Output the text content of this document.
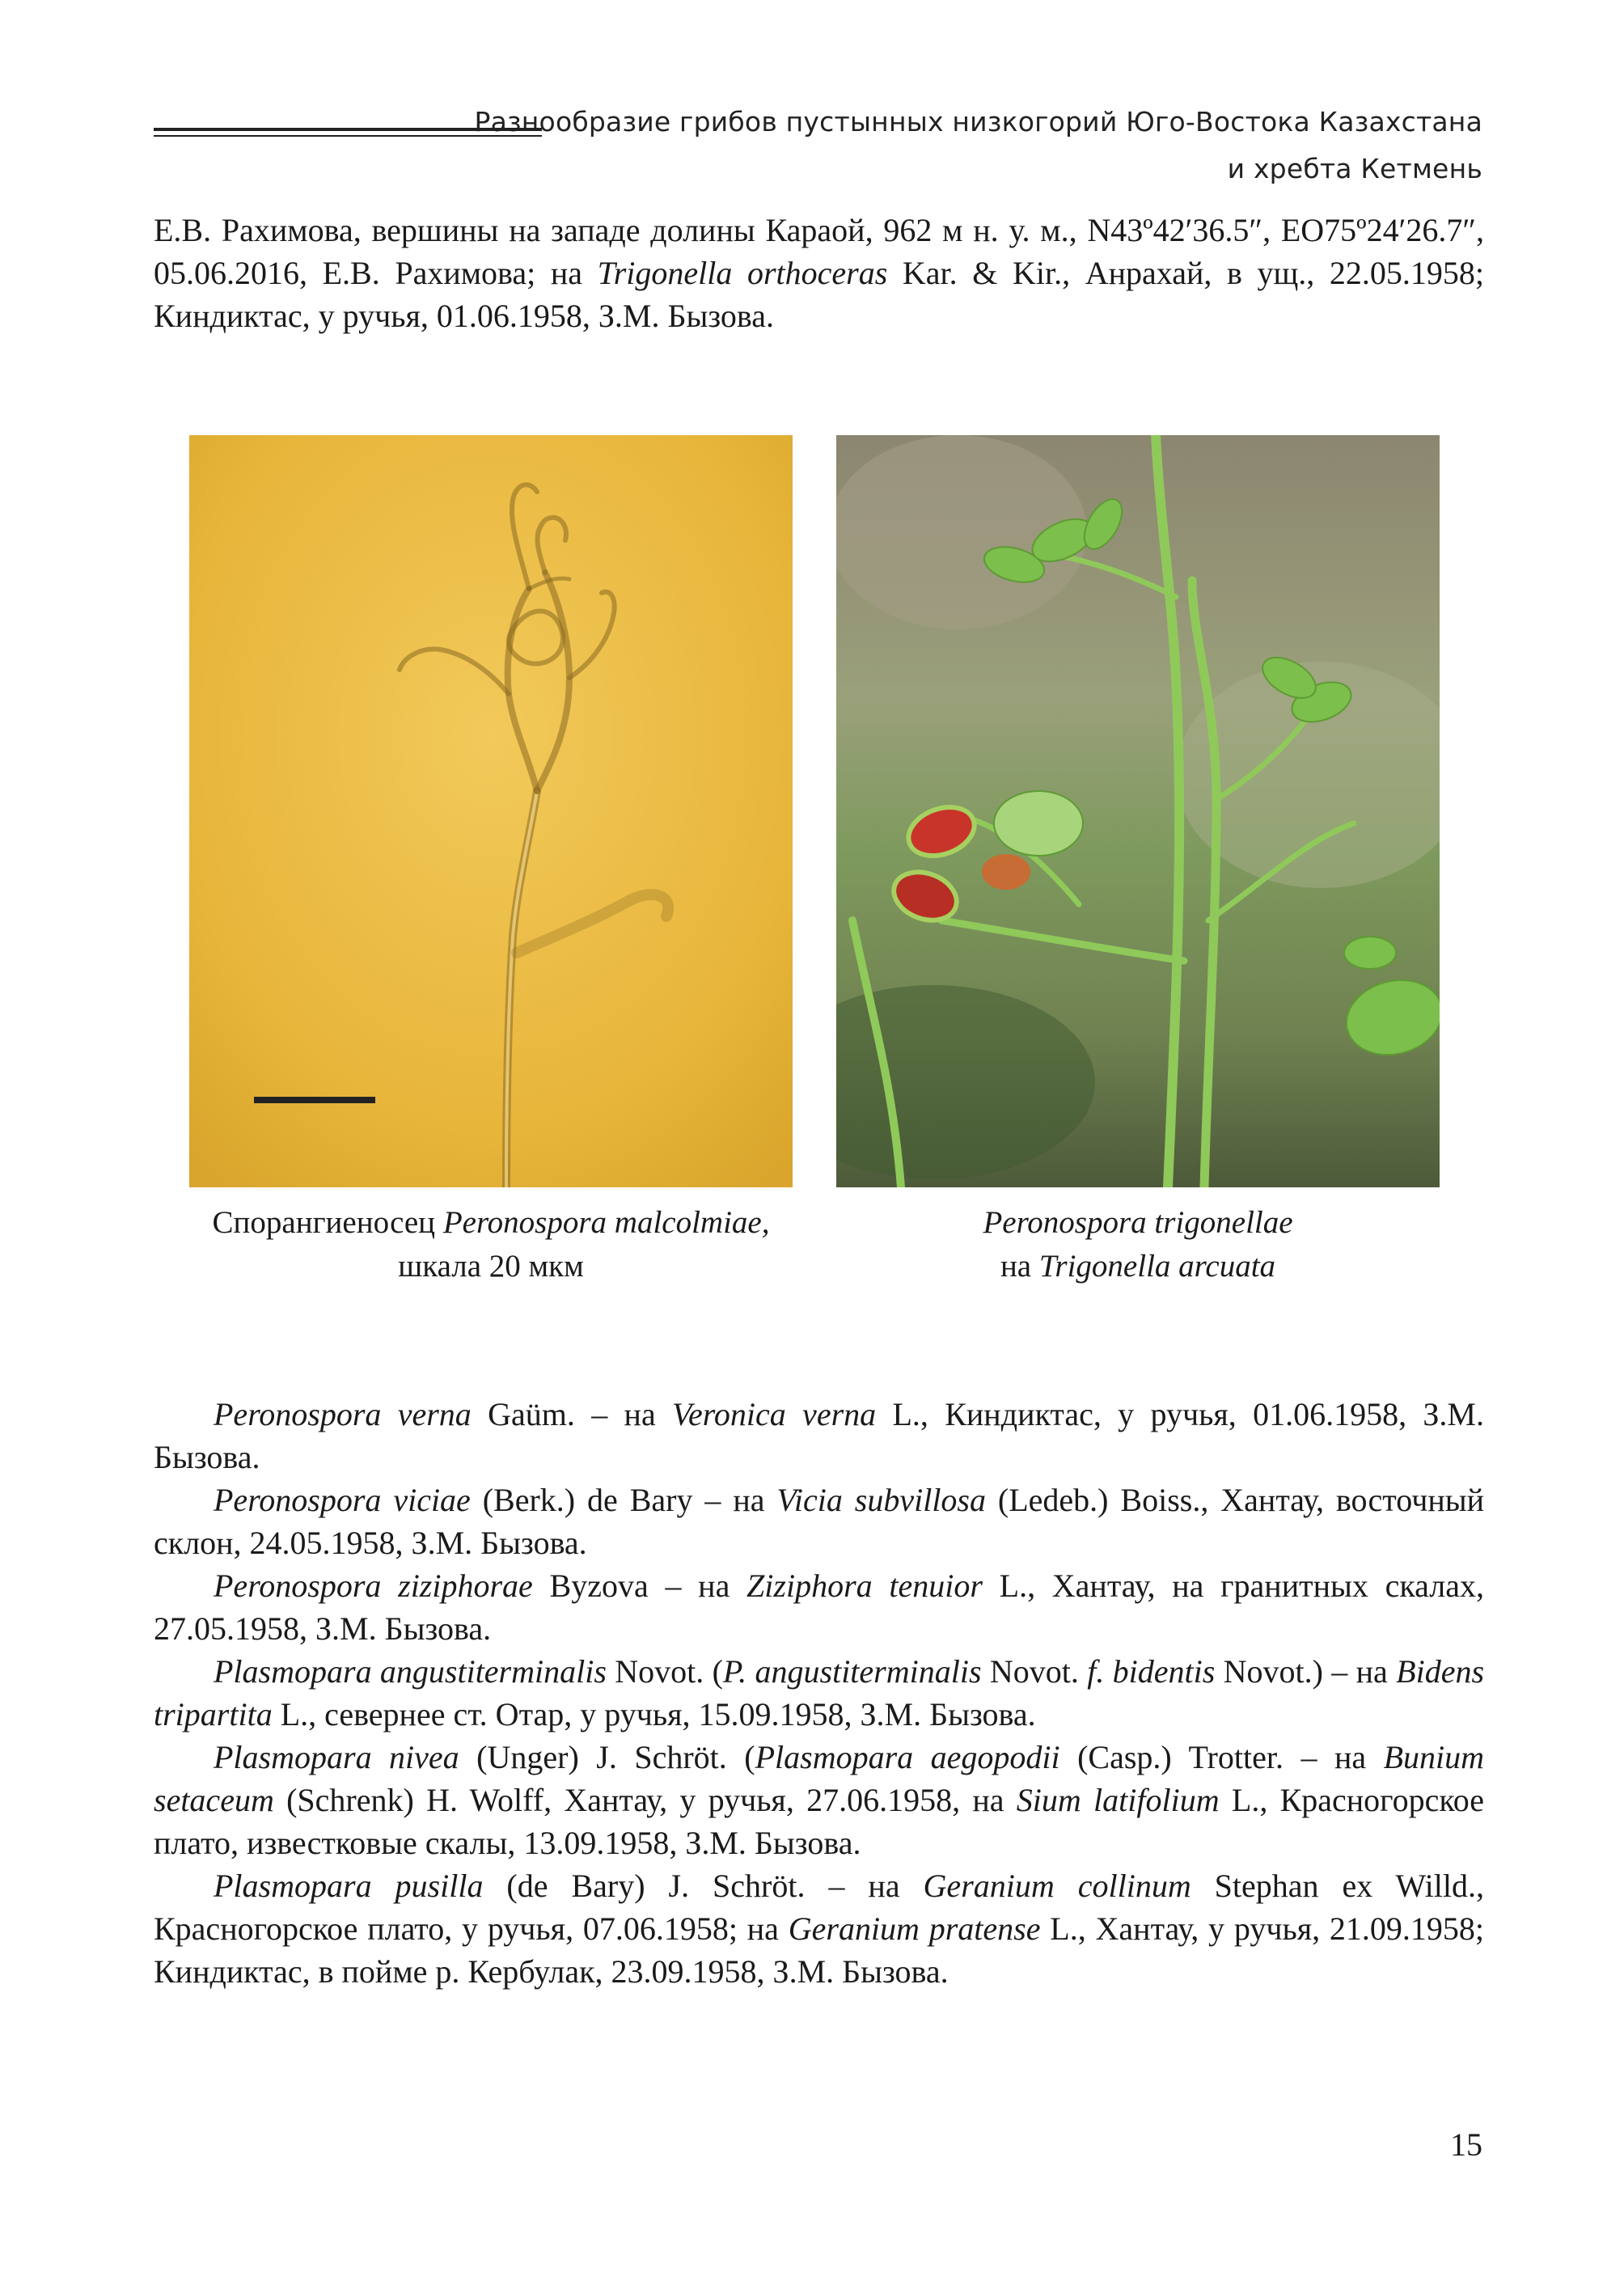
Разнообразие грибов пустынных низкогорий Юго-Востока Казахстана
и хребта Кетмень

Е.В. Рахимова, вершины на западе долины Караой, 962 м н. у. м., N43º42′36.5″, ЕО75º24′26.7″, 05.06.2016, Е.В. Рахимова; на Trigonella orthoceras Kar. & Kir., Анрахай, в ущ., 22.05.1958; Киндиктас, у ручья, 01.06.1958, З.М. Бызова.

Спорангиеносец Peronospora malcolmiae,
шкала 20 мкм
Peronospora trigonellae
на Trigonella arcuata

Peronospora verna Gaüm. – на Veronica verna L., Киндиктас, у ручья, 01.06.1958, З.М. Бызова.

Peronospora viciae (Berk.) de Bary – на Vicia subvillosa (Ledeb.) Boiss., Хантау, восточный склон, 24.05.1958, З.М. Бызова.

Peronospora ziziphorae Byzova – на Ziziphora tenuior L., Хантау, на гранитных скалах, 27.05.1958, З.М. Бызова.

Plasmopara angustiterminalis Novot. (P. angustiterminalis Novot. f. bidentis Novot.) – на Bidens tripartita L., севернее ст. Отар, у ручья, 15.09.1958, З.М. Бызова.

Plasmopara nivea (Unger) J. Schröt. (Plasmopara aegopodii (Casp.) Trotter. – на Bunium setaceum (Schrenk) H. Wolff, Хантау, у ручья, 27.06.1958, на Sium latifolium L., Красногорское плато, известковые скалы, 13.09.1958, З.М. Бызова.

Plasmopara pusilla (de Bary) J. Schröt. – на Geranium collinum Stephan ex Willd., Красногорское плато, у ручья, 07.06.1958; на Geranium pratense L., Хантау, у ручья, 21.09.1958; Киндиктас, в пойме р. Кербулак, 23.09.1958, З.М. Бызова.

15
